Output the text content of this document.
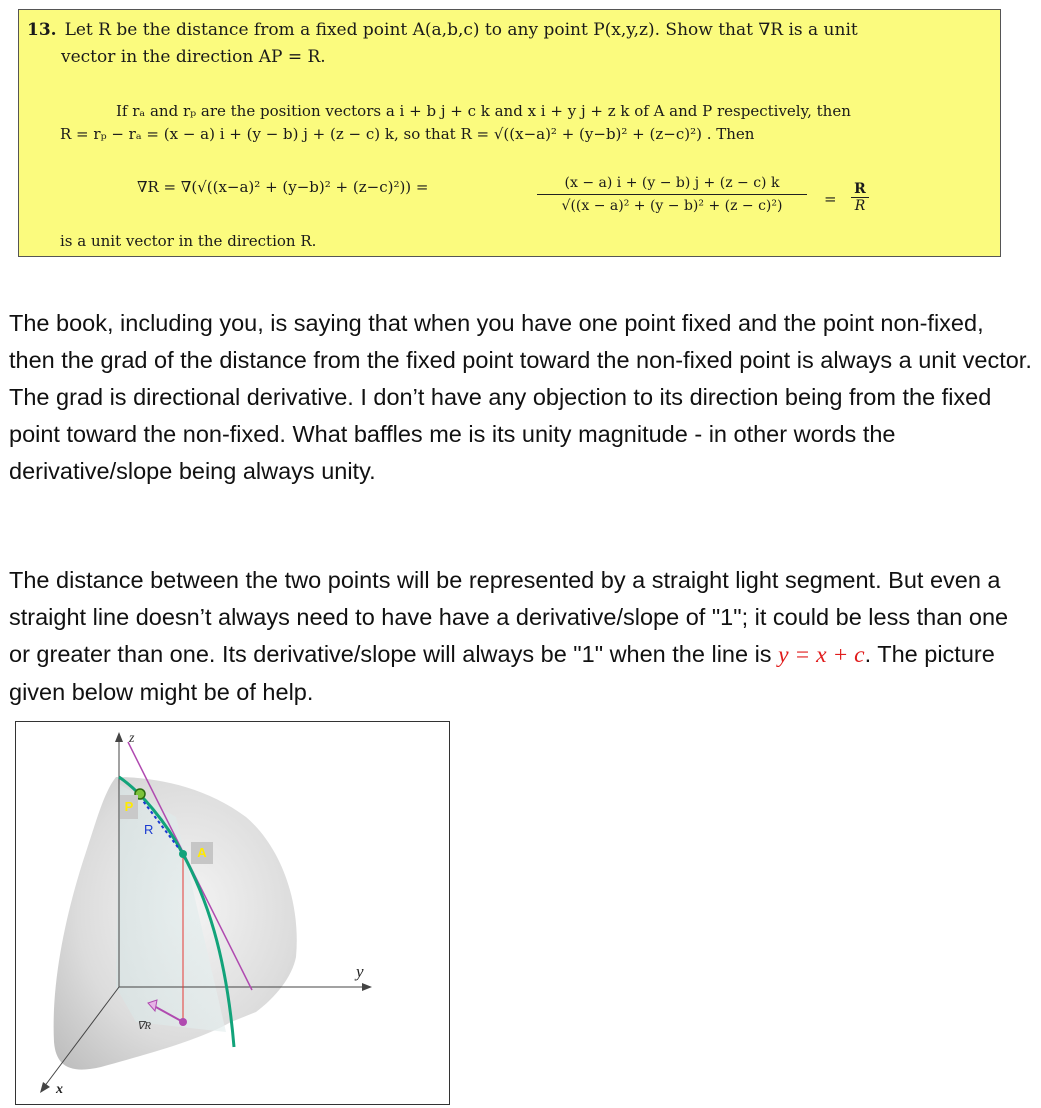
13. Let R be the distance from a fixed point A(a,b,c) to any point P(x,y,z). Show that ∇R is a unit
vector in the direction AP = R.
If rₐ and rₚ are the position vectors a i + b j + c k and x i + y j + z k of A and P respectively, then
R = rₚ − rₐ = (x − a) i + (y − b) j + (z − c) k, so that R = √((x−a)² + (y−b)² + (z−c)²) . Then
∇R = ∇(√((x−a)² + (y−b)² + (z−c)²)) =	$\frac{(x - a) i + (y - b) j + (z - c) k}{\text{√((x − a)² + (y − b)² + (z − c)²)}} = \frac{R}{R}$
is a unit vector in the direction R.
The book, including you, is saying that when you have one point fixed and the point non-fixed, then the grad of the distance from the fixed point toward the non-fixed point is always a unit vector. The grad is directional derivative. I don’t have any objection to its direction being from the fixed point toward the non-fixed. What baffles me is its unity magnitude - in other words the derivative/slope being always unity.
The distance between the two points will be represented by a straight light segment. But even a straight line doesn’t always need to have have a derivative/slope of "1"; it could be less than one or greater than one. Its derivative/slope will always be "1" when the line is y = x + c. The picture given below might be of help.
z
y
x
P
R
A
∇R
